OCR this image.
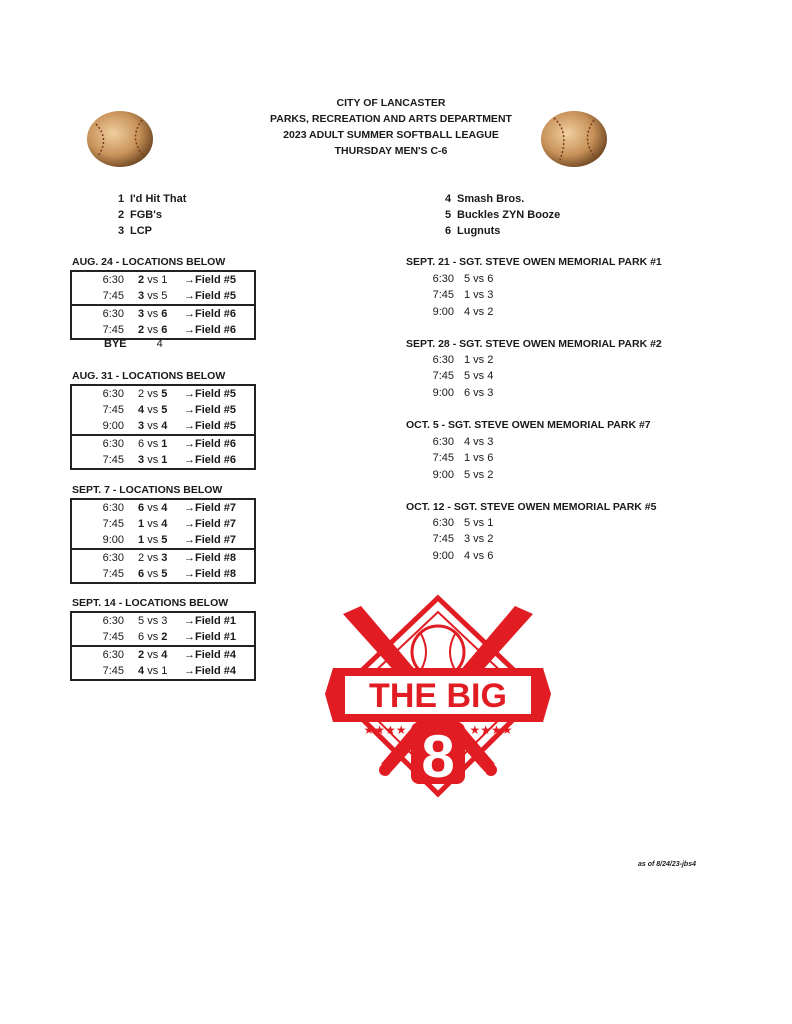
CITY OF LANCASTER
PARKS, RECREATION AND ARTS DEPARTMENT
2023 ADULT SUMMER SOFTBALL LEAGUE
THURSDAY MEN'S C-6
1 I'd Hit That
2 FGB's
3 LCP
4 Smash Bros.
5 Buckles ZYN Booze
6 Lugnuts
AUG. 24 - LOCATIONS BELOW
6:30 2 vs 1 →Field #5
7:45 3 vs 5 →Field #5
6:30 3 vs 6 →Field #6
7:45 2 vs 6 →Field #6
BYE	4
AUG. 31 - LOCATIONS BELOW
6:30 2 vs 5 →Field #5
7:45 4 vs 5 →Field #5
9:00 3 vs 4 →Field #5
6:30 6 vs 1 →Field #6
7:45 3 vs 1 →Field #6
SEPT. 7 - LOCATIONS BELOW
6:30 6 vs 4 →Field #7
7:45 1 vs 4 →Field #7
9:00 1 vs 5 →Field #7
6:30 2 vs 3 →Field #8
7:45 6 vs 5 →Field #8
SEPT. 14 - LOCATIONS BELOW
6:30 5 vs 3 →Field #1
7:45 6 vs 2 →Field #1
6:30 2 vs 4 →Field #4
7:45 4 vs 1 →Field #4
SEPT. 21 - SGT. STEVE OWEN MEMORIAL PARK #1
6:30 5 vs 6
7:45 1 vs 3
9:00 4 vs 2
SEPT. 28 - SGT. STEVE OWEN MEMORIAL PARK #2
6:30 1 vs 2
7:45 5 vs 4
9:00 6 vs 3
OCT. 5 - SGT. STEVE OWEN MEMORIAL PARK #7
6:30 4 vs 3
7:45 1 vs 6
9:00 5 vs 2
OCT. 12 - SGT. STEVE OWEN MEMORIAL PARK #5
6:30 5 vs 1
7:45 3 vs 2
9:00 4 vs 6
THE BIG
★★★★	★★★★
8
as of 8/24/23-jbs4
